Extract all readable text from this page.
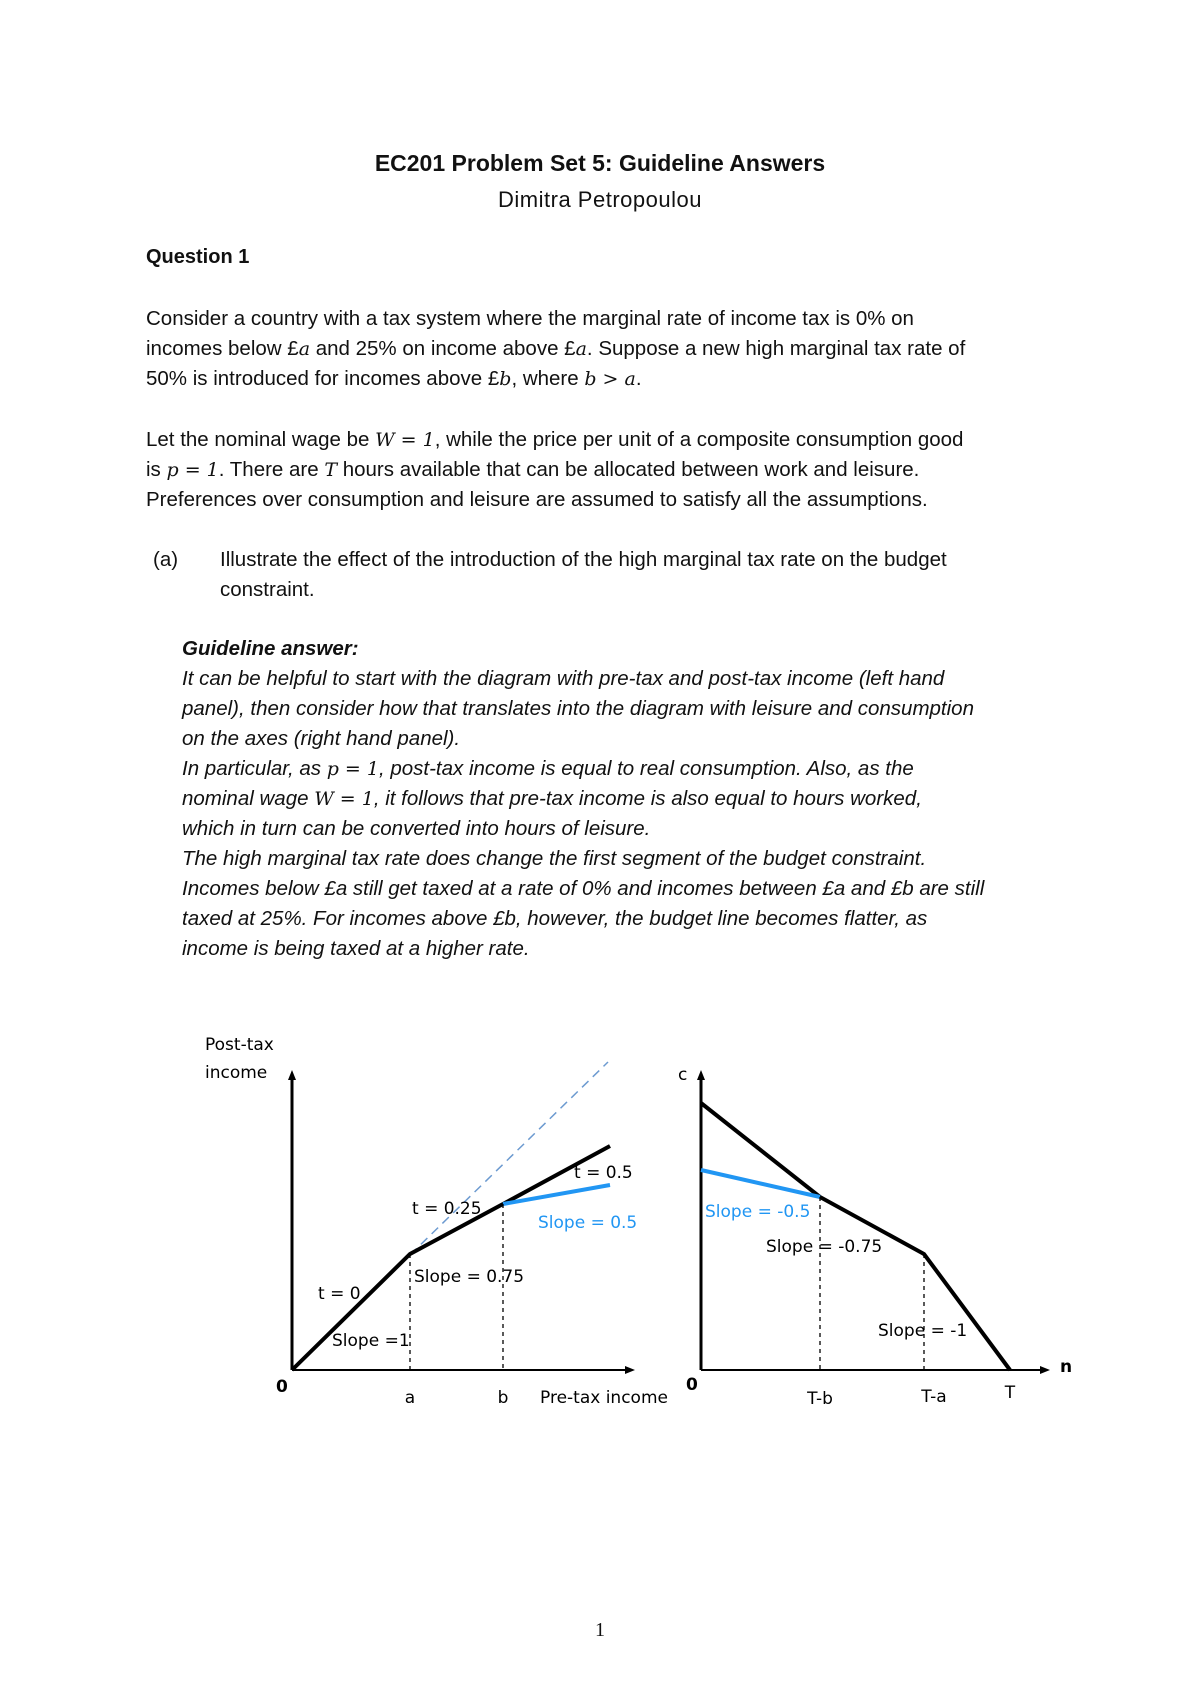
EC201 Problem Set 5: Guideline Answers
Dimitra Petropoulou
Question 1
Consider a country with a tax system where the marginal rate of income tax is 0% on
incomes below £a and 25% on income above £a. Suppose a new high marginal tax rate of
50% is introduced for incomes above £b, where b > a.
Let the nominal wage be W = 1, while the price per unit of a composite consumption good
is p = 1. There are T hours available that can be allocated between work and leisure.
Preferences over consumption and leisure are assumed to satisfy all the assumptions.
(a) Illustrate the effect of the introduction of the high marginal tax rate on the budget
constraint.
Guideline answer:
It can be helpful to start with the diagram with pre-tax and post-tax income (left hand
panel), then consider how that translates into the diagram with leisure and consumption
on the axes (right hand panel).
In particular, as p = 1, post-tax income is equal to real consumption. Also, as the
nominal wage W = 1, it follows that pre-tax income is also equal to hours worked,
which in turn can be converted into hours of leisure.
The high marginal tax rate does change the first segment of the budget constraint.
Incomes below £a still get taxed at a rate of 0% and incomes between £a and £b are still
taxed at 25%. For incomes above £b, however, the budget line becomes flatter, as
income is being taxed at a higher rate.
Post-tax
income
0
a	b Pre-tax income
t = 0
t = 0.25
t = 0.5
Slope =1
Slope = 0.75
Slope = 0.5
c
n
0
T-b	T-a	T
Slope = -0.5
Slope = -0.75
Slope = -1
1
